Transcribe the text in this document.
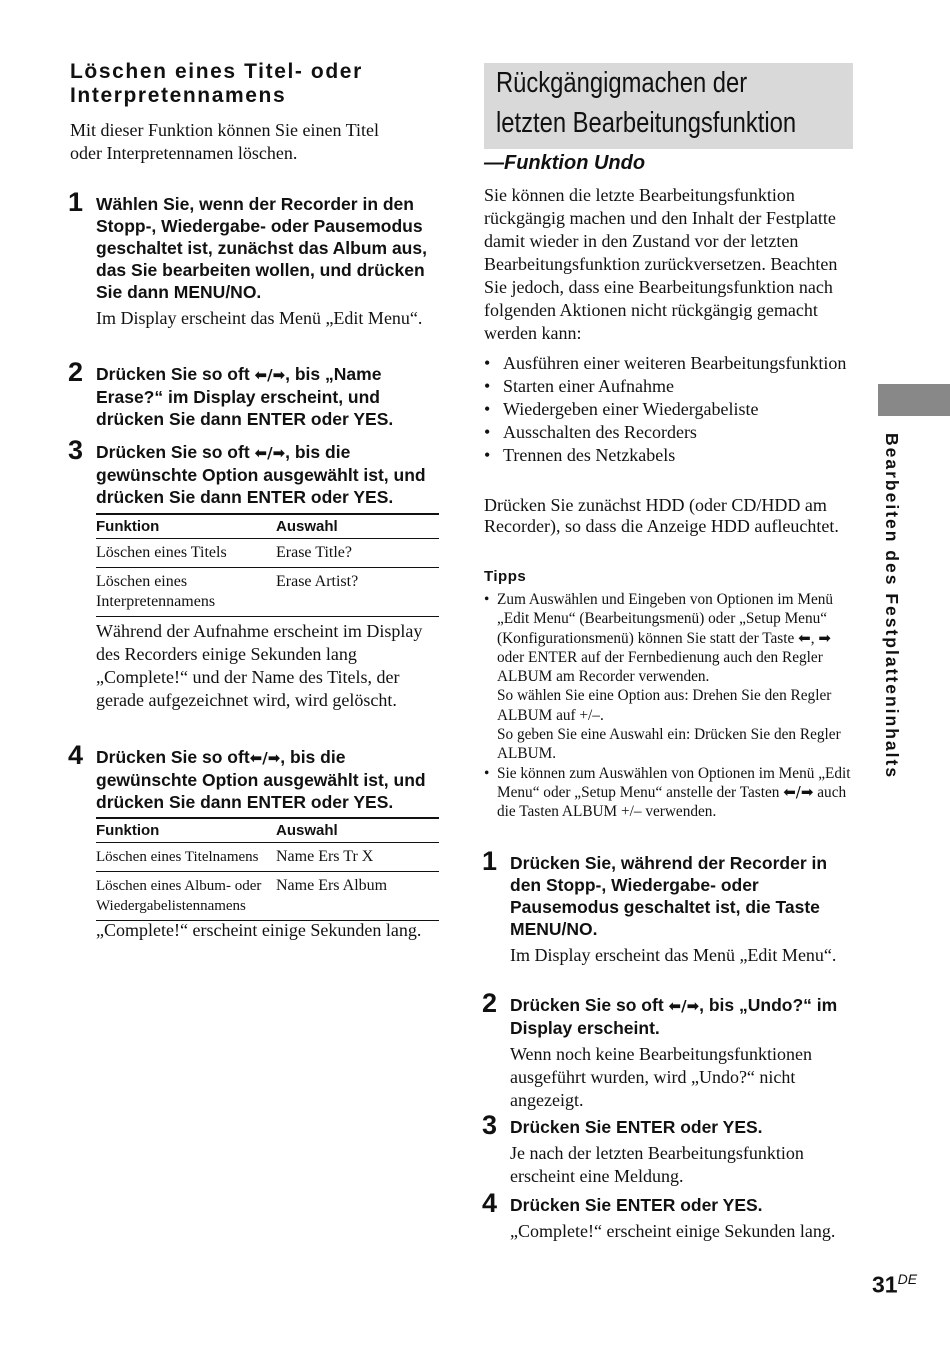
Löschen eines Titel- oder Interpretennamens

Mit dieser Funktion können Sie einen Titel oder Interpretennamen löschen.

1 Wählen Sie, wenn der Recorder in den Stopp-, Wiedergabe- oder Pausemodus geschaltet ist, zunächst das Album aus, das Sie bearbeiten wollen, und drücken Sie dann MENU/NO.
Im Display erscheint das Menü „Edit Menu“.
2 Drücken Sie so oft ⬅/➡, bis „Name Erase?“ im Display erscheint, und drücken Sie dann ENTER oder YES.
3 Drücken Sie so oft ⬅/➡, bis die gewünschte Option ausgewählt ist, und drücken Sie dann ENTER oder YES.
Funktion	Auswahl
Löschen eines Titels	Erase Title?
Löschen eines Interpretennamens	Erase Artist?

Während der Aufnahme erscheint im Display des Recorders einige Sekunden lang „Complete!“ und der Name des Titels, der gerade aufgezeichnet wird, wird gelöscht.

4 Drücken Sie so oft⬅/➡, bis die gewünschte Option ausgewählt ist, und drücken Sie dann ENTER oder YES.
Funktion	Auswahl
Löschen eines Titelnamens	Name Ers Tr X
Löschen eines Album- oder Wiedergabelistennamens	Name Ers Album

„Complete!“ erscheint einige Sekunden lang.

Rückgängigmachen der
letzten Bearbeitungsfunktion
—Funktion Undo

Sie können die letzte Bearbeitungsfunktion rückgängig machen und den Inhalt der Festplatte damit wieder in den Zustand vor der letzten Bearbeitungsfunktion zurückversetzen. Beachten Sie jedoch, dass eine Bearbeitungsfunktion nach folgenden Aktionen nicht rückgängig gemacht werden kann:

• Ausführen einer weiteren Bearbeitungsfunktion
• Starten einer Aufnahme
• Wiedergeben einer Wiedergabeliste
• Ausschalten des Recorders
• Trennen des Netzkabels

Drücken Sie zunächst HDD (oder CD/HDD am Recorder), so dass die Anzeige HDD aufleuchtet.

Tipps
• Zum Auswählen und Eingeben von Optionen im Menü „Edit Menu“ (Bearbeitungsmenü) oder „Setup Menu“ (Konfigurationsmenü) können Sie statt der Taste ⬅, ➡ oder ENTER auf der Fernbedienung auch den Regler ALBUM am Recorder verwenden.
So wählen Sie eine Option aus: Drehen Sie den Regler ALBUM auf +/–.
So geben Sie eine Auswahl ein: Drücken Sie den Regler ALBUM.
• Sie können zum Auswählen von Optionen im Menü „Edit Menu“ oder „Setup Menu“ anstelle der Tasten ⬅/➡ auch die Tasten ALBUM +/– verwenden.
1 Drücken Sie, während der Recorder in den Stopp-, Wiedergabe- oder Pausemodus geschaltet ist, die Taste MENU/NO.
Im Display erscheint das Menü „Edit Menu“.
2 Drücken Sie so oft ⬅/➡, bis „Undo?“ im Display erscheint.
Wenn noch keine Bearbeitungsfunktionen ausgeführt wurden, wird „Undo?“ nicht angezeigt.
3 Drücken Sie ENTER oder YES.
Je nach der letzten Bearbeitungsfunktion erscheint eine Meldung.
4 Drücken Sie ENTER oder YES.
„Complete!“ erscheint einige Sekunden lang.
Bearbeiten des Festplatteninhalts
31DE
